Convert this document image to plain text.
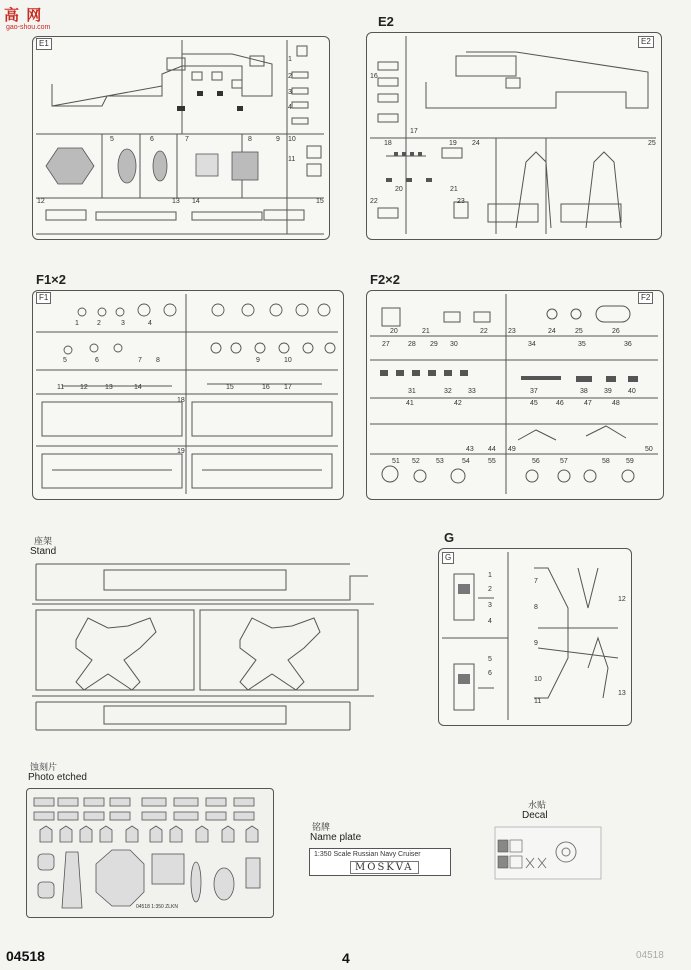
高 网
gao-shou.com
E1
1
2
3
4
5	6	7	8	9 10
11
12	13 14	15
E2
E2
16
17
18	19
20	21
22	23
24	25
F1×2
F1
1	2	3	4
5	6	7 8	9	10
11 12 13	14	15	16 17
18
19
F2×2
F2
20	21	22	23	24	25	26
27	28 29 30
31	32 33
34	35	36
37	38 39 40
41	42
43 44
45	46	47	48
49	50
51 52 53	54	55	56	57	58 59
座架
Stand
G
G
1
2
3
4
5
6
7
8
9
10
11
12
13
蚀刻片
Photo etched
04518 1:350 ZLKN
铭牌
Name plate
1:350 Scale Russian Navy Cruiser
MOSKVA
水贴
Decal
04518	4	04518
